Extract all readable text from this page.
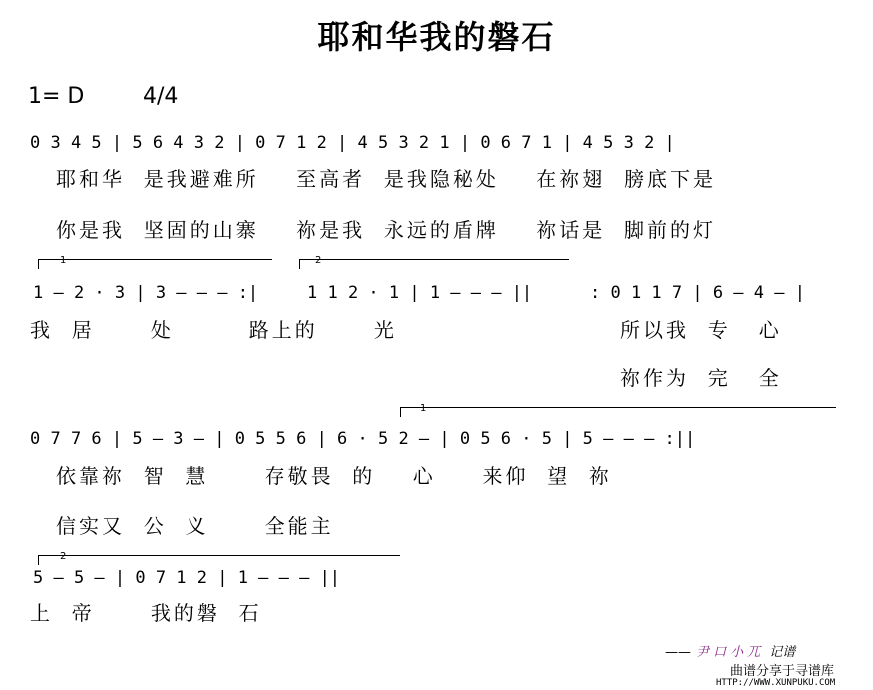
耶和华我的磐石
1= D	4/4
0 3 4 5 | 5 6 4 3 2 | 0 7 1 2 | 4 5 3 2 1 | 0 6 7 1 | 4 5 3 2 |
耶和华  是我避难所    至高者  是我隐秘处    在祢翅  膀底下是
你是我  坚固的山寨    祢是我  永远的盾牌    祢话是  脚前的灯
1	2
1 – 2 · 3 | 3 – – – :|	1 1 2 · 1 | 1 – – – ||	: 0 1 1 7 | 6 – 4 – |
我  居      处        路上的      光	所以我  专   心
祢作为  完   全
1
0 7 7 6 | 5 – 3 – | 0 5 5 6 | 6 · 5 2 – | 0 5 6 · 5 | 5 – – – :||
依靠祢  智  慧      存敬畏  的    心     来仰  望  祢
信实又  公  义      全能主
2
5 – 5 – | 0 7 1 2 | 1 – – – ||
上  帝      我的磐  石
—— 尹口小兀 记谱
曲谱分享于寻谱库
HTTP://WWW.XUNPUKU.COM
